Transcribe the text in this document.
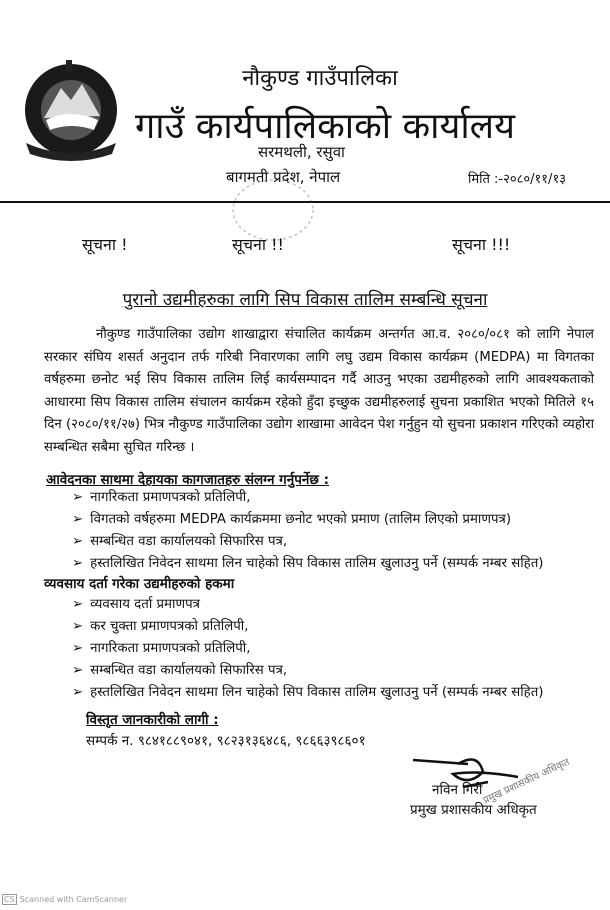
नौकुण्ड गाउँपालिका
गाउँ कार्यपालिकाको कार्यालय
सरमथली, रसुवा
बागमती प्रदेश, नेपाल	मिति :-२०८०/११/१३
सूचना !	सूचना !!	सूचना !!!
पुरानो उद्यमीहरुका लागि सिप विकास तालिम सम्बन्धि सूचना
नौकुण्ड गाउँपालिका उद्योग शाखाद्वारा संचालित कार्यक्रम अन्तर्गत आ.व. २०८०/०८१ को लागि नेपाल सरकार संघिय शसर्त अनुदान तर्फ गरिबी निवारणका लागि लघु उद्यम विकास कार्यक्रम (MEDPA) मा विगतका वर्षहरुमा छनोट भई सिप विकास तालिम लिई कार्यसम्पादन गर्दै आउनु भएका उद्यमीहरुको लागि आवश्यकताको आधारमा सिप विकास तालिम संचालन कार्यक्रम रहेको हुँदा इच्छुक उद्यमीहरुलाई सुचना प्रकाशित भएको मितिले १५ दिन (२०८०/११/२७) भित्र नौकुण्ड गाउँपालिका उद्योग शाखामा आवेदन पेश गर्नुहुन यो सुचना प्रकाशन गरिएको व्यहोरा सम्बन्धित सबैमा सुचित गरिन्छ ।
आवेदनका साथमा देहायका कागजातहरु संलग्न गर्नुपर्नेछ :
➢ नागरिकता प्रमाणपत्रको प्रतिलिपी,
➢ विगतको वर्षहरुमा MEDPA कार्यक्रममा छनोट भएको प्रमाण (तालिम लिएको प्रमाणपत्र)
➢ सम्बन्धित वडा कार्यालयको सिफारिस पत्र,
➢ हस्तलिखित निवेदन साथमा लिन चाहेको सिप विकास तालिम खुलाउनु पर्ने (सम्पर्क नम्बर सहित)
व्यवसाय दर्ता गरेका उद्यमीहरुको हकमा
➢ व्यवसाय दर्ता प्रमाणपत्र
➢ कर चुक्ता प्रमाणपत्रको प्रतिलिपी,
➢ नागरिकता प्रमाणपत्रको प्रतिलिपी,
➢ सम्बन्धित वडा कार्यालयको सिफारिस पत्र,
➢ हस्तलिखित निवेदन साथमा लिन चाहेको सिप विकास तालिम खुलाउनु पर्ने (सम्पर्क नम्बर सहित)
विस्तृत जानकारीको लागी :
सम्पर्क न. ९८४१८८९०४१, ९८२३१३६४८६, ९८६६३९८६०१
प्रमुख प्रशासकीय अधिकृत
नविन गिरी
प्रमुख प्रशासकीय अधिकृत
CS Scanned with CamScanner
